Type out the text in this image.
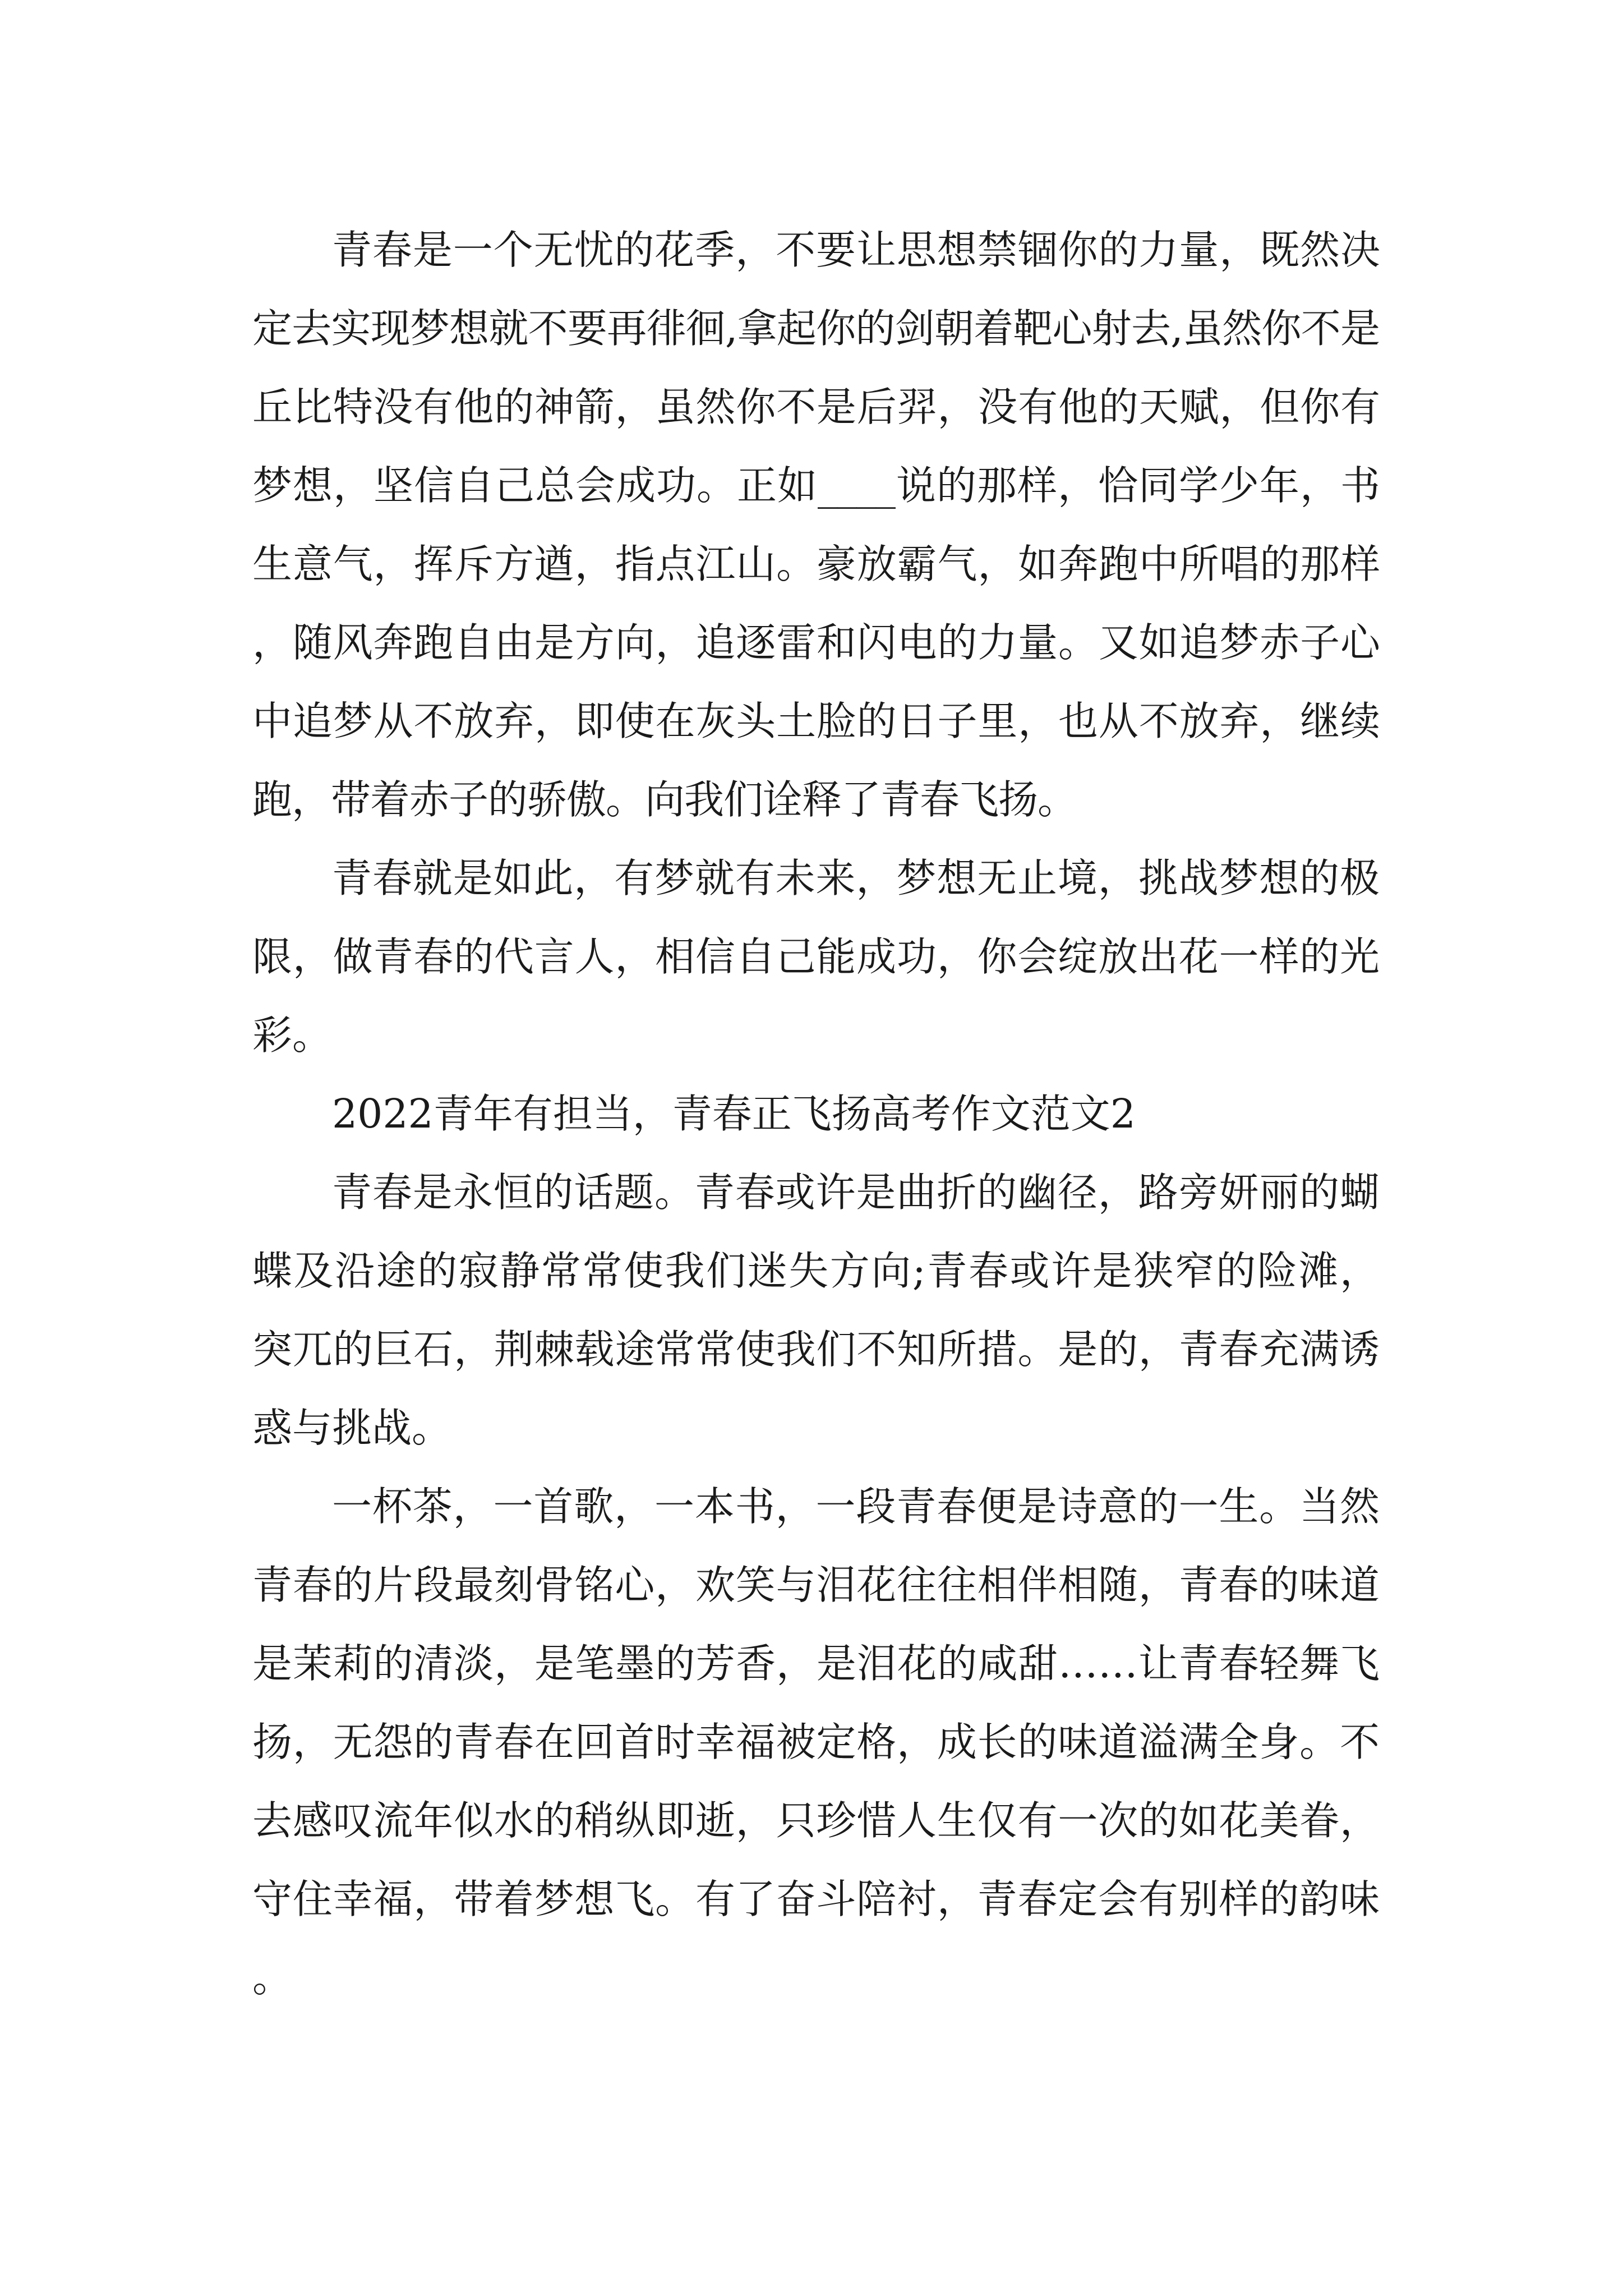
青春是一个无忧的花季，不要让思想禁锢你的力量，既然决定去实现梦想就不要再徘徊,拿起你的剑朝着靶心射去,虽然你不是丘比特没有他的神箭，虽然你不是后羿，没有他的天赋，但你有梦想，坚信自己总会成功。正如____说的那样，恰同学少年，书生意气，挥斥方遒，指点江山。豪放霸气，如奔跑中所唱的那样，随风奔跑自由是方向，追逐雷和闪电的力量。又如追梦赤子心中追梦从不放弃，即使在灰头土脸的日子里，也从不放弃，继续跑，带着赤子的骄傲。向我们诠释了青春飞扬。

青春就是如此，有梦就有未来，梦想无止境，挑战梦想的极限，做青春的代言人，相信自己能成功，你会绽放出花一样的光彩。

2022青年有担当，青春正飞扬高考作文范文2

青春是永恒的话题。青春或许是曲折的幽径，路旁妍丽的蝴蝶及沿途的寂静常常使我们迷失方向;青春或许是狭窄的险滩，突兀的巨石，荆棘载途常常使我们不知所措。是的，青春充满诱惑与挑战。

一杯茶，一首歌，一本书，一段青春便是诗意的一生。当然青春的片段最刻骨铭心，欢笑与泪花往往相伴相随，青春的味道是茉莉的清淡，是笔墨的芳香，是泪花的咸甜……让青春轻舞飞扬，无怨的青春在回首时幸福被定格，成长的味道溢满全身。不去感叹流年似水的稍纵即逝，只珍惜人生仅有一次的如花美眷，守住幸福，带着梦想飞。有了奋斗陪衬，青春定会有别样的韵味。
